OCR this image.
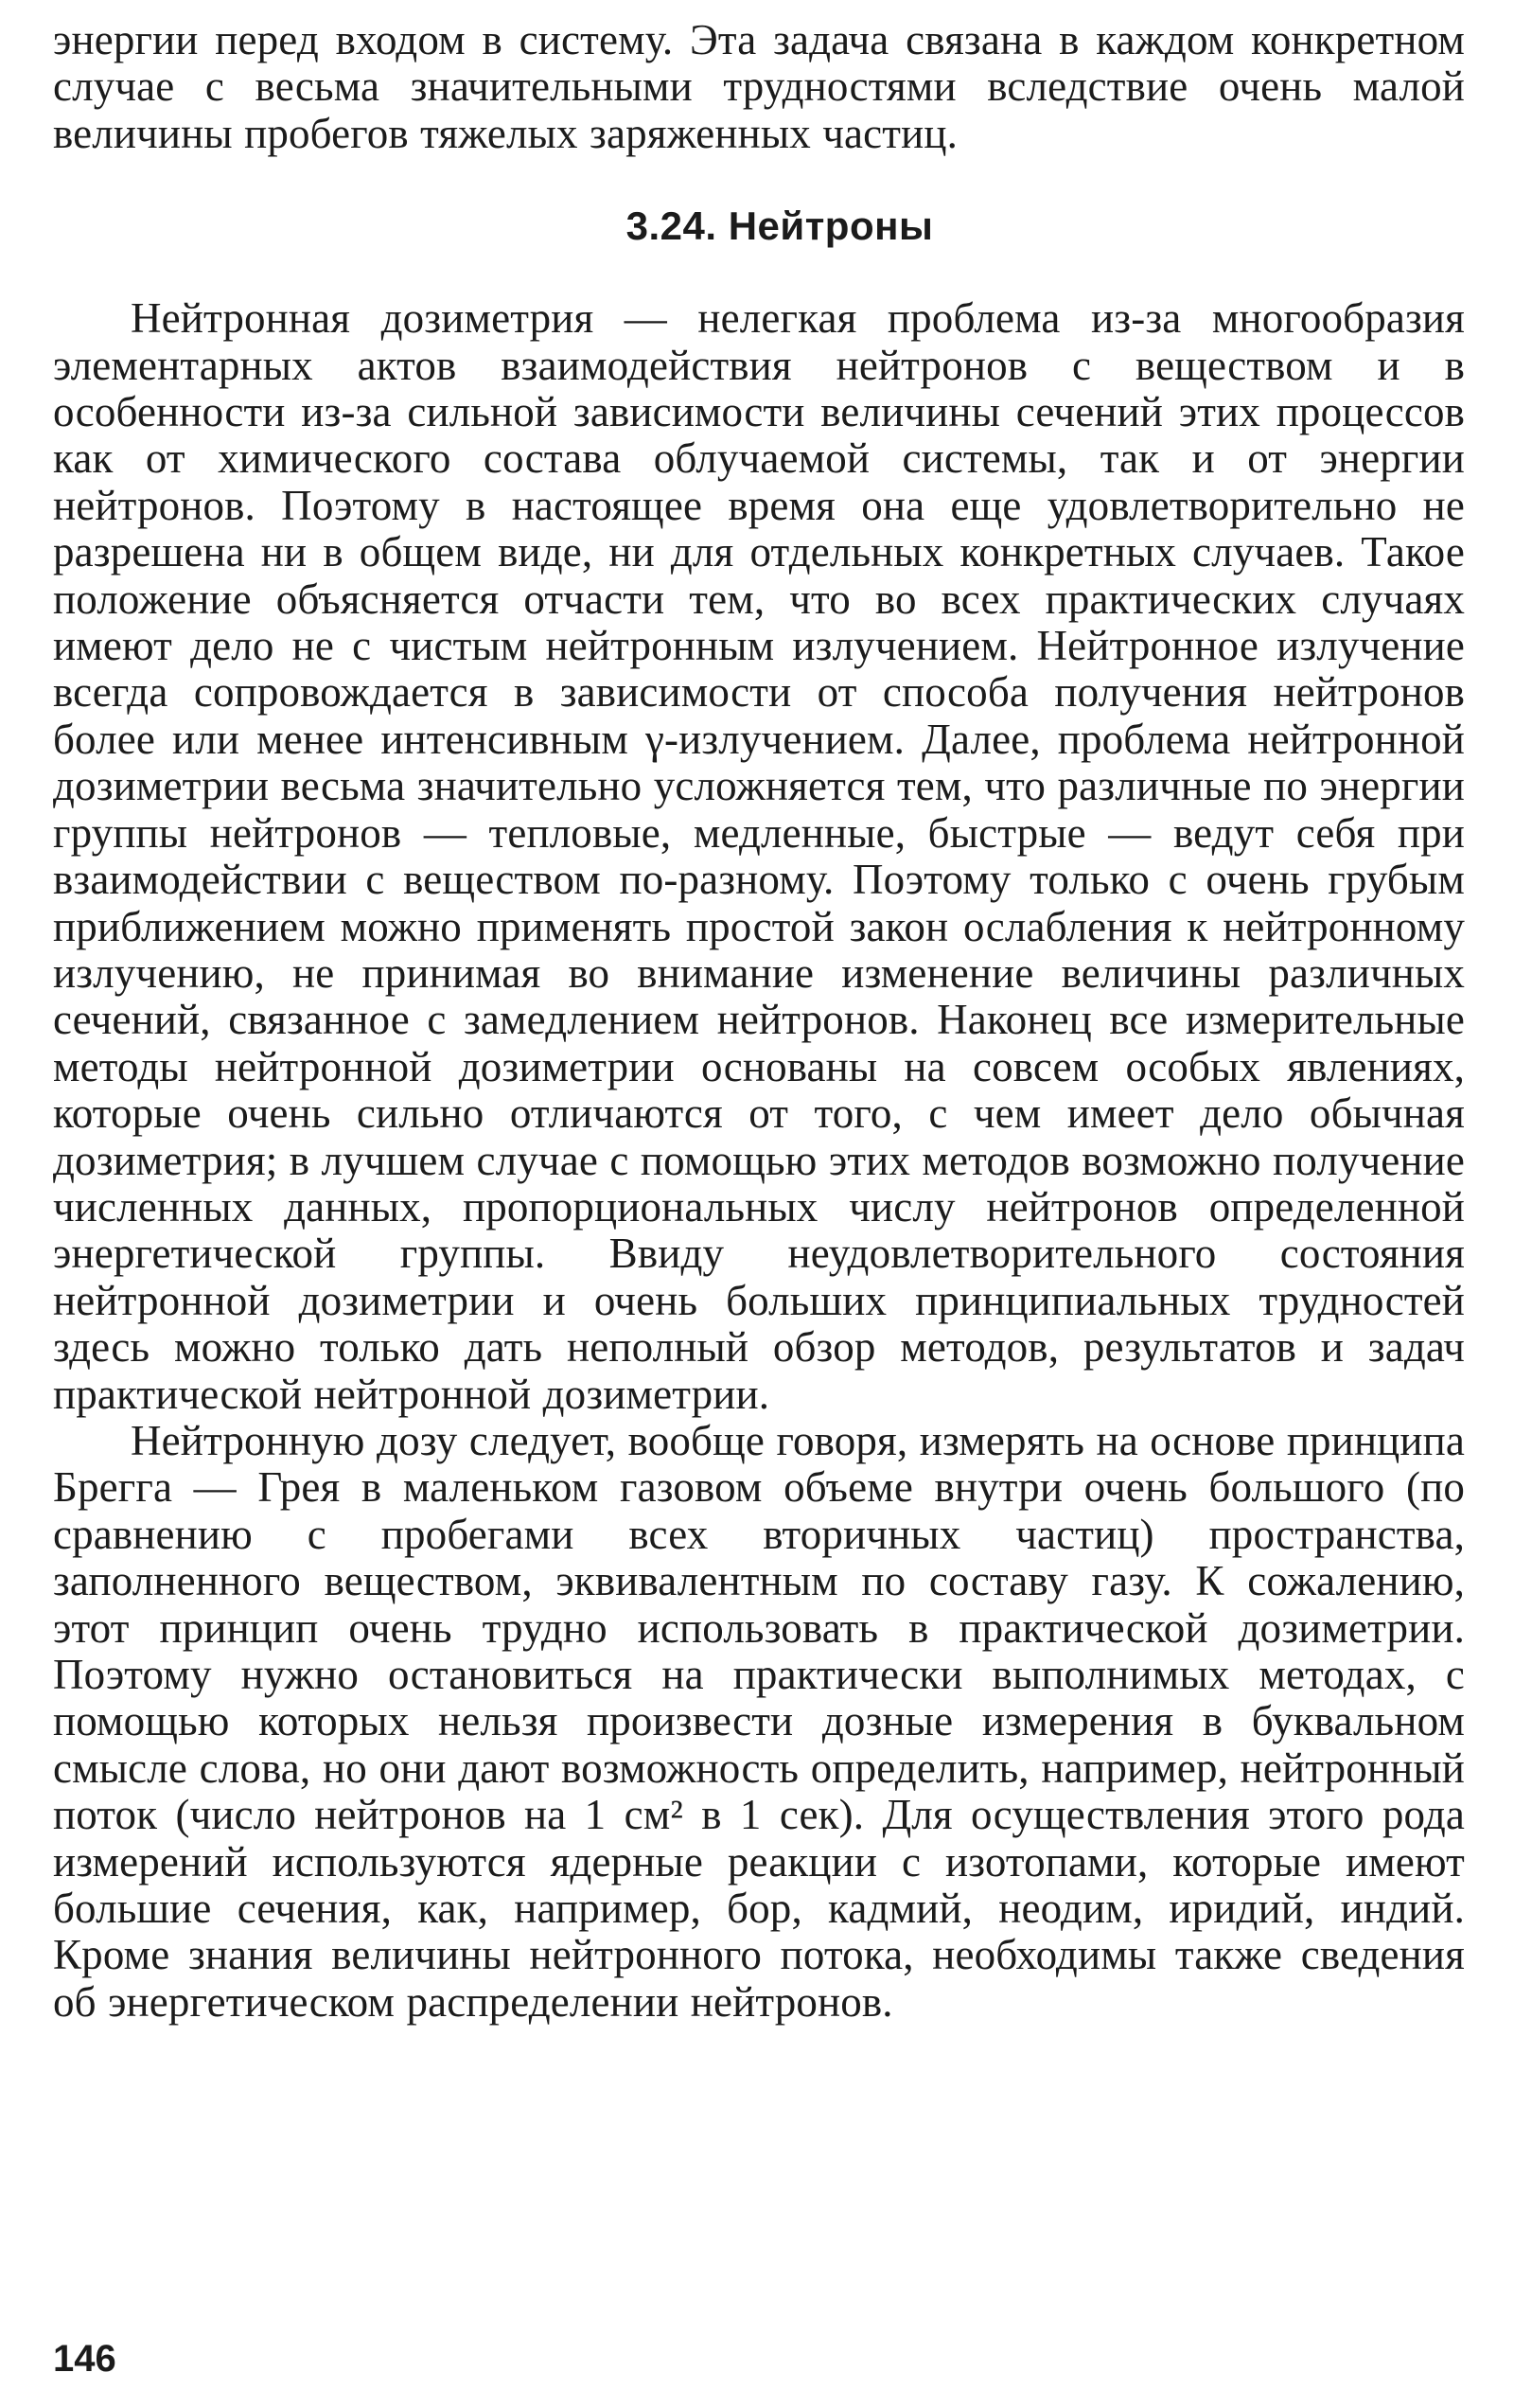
энергии перед входом в систему. Эта задача связана в каждом конкретном случае с весьма значительными трудностями вследствие очень малой величины пробегов тяжелых заряженных частиц.

3.24. Нейтроны

Нейтронная дозиметрия — нелегкая проблема из-за многообразия элементарных актов взаимодействия нейтронов с веществом и в особенности из-за сильной зависимости величины сечений этих процессов как от химического состава облучаемой системы, так и от энергии нейтронов. Поэтому в настоящее время она еще удовлетворительно не разрешена ни в общем виде, ни для отдельных конкретных случаев. Такое положение объясняется отчасти тем, что во всех практических случаях имеют дело не с чистым нейтронным излучением. Нейтронное излучение всегда сопровождается в зависимости от способа получения нейтронов более или менее интенсивным γ-излучением. Далее, проблема нейтронной дозиметрии весьма значительно усложняется тем, что различные по энергии группы нейтронов — тепловые, медленные, быстрые — ведут себя при взаимодействии с веществом по-разному. Поэтому только с очень грубым приближением можно применять простой закон ослабления к нейтронному излучению, не принимая во внимание изменение величины различных сечений, связанное с замедлением нейтронов. Наконец все измерительные методы нейтронной дозиметрии основаны на совсем особых явлениях, которые очень сильно отличаются от того, с чем имеет дело обычная дозиметрия; в лучшем случае с помощью этих методов возможно получение численных данных, пропорциональных числу нейтронов определенной энергетической группы. Ввиду неудовлетворительного состояния нейтронной дозиметрии и очень больших принципиальных трудностей здесь можно только дать неполный обзор методов, результатов и задач практической нейтронной дозиметрии.

Нейтронную дозу следует, вообще говоря, измерять на основе принципа Брегга — Грея в маленьком газовом объеме внутри очень большого (по сравнению с пробегами всех вторичных частиц) пространства, заполненного веществом, эквивалентным по составу газу. К сожалению, этот принцип очень трудно использовать в практической дозиметрии. Поэтому нужно остановиться на практически выполнимых методах, с помощью которых нельзя произвести дозные измерения в буквальном смысле слова, но они дают возможность определить, например, нейтронный поток (число нейтронов на 1 см² в 1 сек). Для осуществления этого рода измерений используются ядерные реакции с изотопами, которые имеют большие сечения, как, например, бор, кадмий, неодим, иридий, индий. Кроме знания величины нейтронного потока, необходимы также сведения об энергетическом распределении нейтронов.

146
